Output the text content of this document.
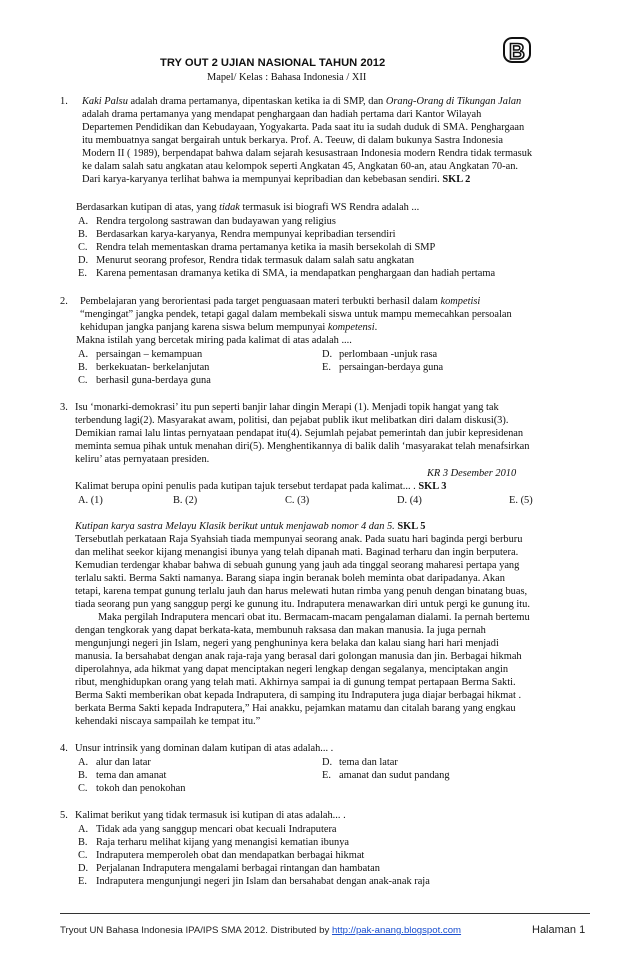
TRY OUT 2 UJIAN NASIONAL TAHUN 2012
Mapel/ Kelas : Bahasa Indonesia / XII
B
1. Kaki Palsu adalah drama pertamanya, dipentaskan ketika ia di SMP, dan Orang-Orang di Tikungan Jalan
adalah drama pertamanya yang mendapat penghargaan dan hadiah pertama dari Kantor Wilayah
Departemen Pendidikan dan Kebudayaan, Yogyakarta. Pada saat itu ia sudah duduk di SMA. Penghargaan
itu membuatnya sangat bergairah untuk berkarya. Prof. A. Teeuw, di dalam bukunya Sastra Indonesia
Modern II ( 1989), berpendapat bahwa dalam sejarah kesusastraan Indonesia modern Rendra tidak termasuk
ke dalam salah satu angkatan atau kelompok seperti Angkatan 45, Angkatan 60-an, atau Angkatan 70-an.
Dari karya-karyanya terlihat bahwa ia mempunyai kepribadian dan kebebasan sendiri. SKL 2
Berdasarkan kutipan di atas, yang tidak termasuk isi biografi WS Rendra adalah ...
A. Rendra tergolong sastrawan dan budayawan yang religius
B. Berdasarkan karya-karyanya, Rendra mempunyai kepribadian tersendiri
C. Rendra telah mementaskan drama pertamanya ketika ia masih bersekolah di SMP
D. Menurut seorang profesor, Rendra tidak termasuk dalam salah satu angkatan
E. Karena pementasan dramanya ketika di SMA, ia mendapatkan penghargaan dan hadiah pertama
2. Pembelajaran yang berorientasi pada target penguasaan materi terbukti berhasil dalam kompetisi
“mengingat” jangka pendek, tetapi gagal dalam membekali siswa untuk mampu memecahkan persoalan
kehidupan jangka panjang karena siswa belum mempunyai kompetensi.
Makna istilah yang bercetak miring pada kalimat di atas adalah ....
A. persaingan – kemampuan
B. berkekuatan- berkelanjutan
C. berhasil guna-berdaya guna
D. perlombaan -unjuk rasa
E. persaingan-berdaya guna
3. Isu ‘monarki-demokrasi’ itu pun seperti banjir lahar dingin Merapi (1). Menjadi topik hangat yang tak
terbendung lagi(2). Masyarakat awam, politisi, dan pejabat publik ikut melibatkan diri dalam diskusi(3).
Demikian ramai lalu lintas pernyataan pendapat itu(4). Sejumlah pejabat pemerintah dan jubir kepresidenan
meminta semua pihak untuk menahan diri(5). Menghentikannya di balik dalih ‘masyarakat telah menafsirkan
keliru’ atas pernyataan presiden.
KR 3 Desember 2010
Kalimat berupa opini penulis pada kutipan tajuk tersebut terdapat pada kalimat... . SKL 3
A. (1)	B. (2)	C. (3)	D. (4)	E. (5)
Kutipan karya sastra Melayu Klasik berikut untuk menjawab nomor 4 dan 5. SKL 5
Tersebutlah perkataan Raja Syahsiah tiada mempunyai seorang anak. Pada suatu hari baginda pergi berburu
dan melihat seekor kijang menangisi ibunya yang telah dipanah mati. Baginad terharu dan ingin berputera.
Kemudian terdengar khabar bahwa di sebuah gunung yang jauh ada tinggal seorang maharesi pertapa yang
terlalu sakti. Berma Sakti namanya. Barang siapa ingin beranak boleh meminta obat daripadanya. Akan
tetapi, karena tempat gunung terlalu jauh dan harus melewati hutan rimba yang penuh dengan binatang buas,
tiada seorang pun yang sanggup pergi ke gunung itu. Indraputera menawarkan diri untuk pergi ke gunung itu.
Maka pergilah Indraputera mencari obat itu. Bermacam-macam pengalaman dialami. Ia pernah bertemu
dengan tengkorak yang dapat berkata-kata, membunuh raksasa dan makan manusia. Ia juga pernah
mengunjungi negeri jin Islam, negeri yang penghuninya kera belaka dan kalau siang hari hari menjadi
manusia. Ia bersahabat dengan anak raja-raja yang berasal dari golongan manusia dan jin. Berbagai hikmah
diperolahnya, ada hikmat yang dapat menciptakan negeri lengkap dengan segalanya, menciptakan angin
ribut, menghidupkan orang yang telah mati. Akhirnya sampai ia di gunung tempat pertapaan Berma Sakti.
Berma Sakti memberikan obat kepada Indraputera, di samping itu Indraputera juga diajar berbagai hikmat .
berkata Berma Sakti kepada Indraputera,” Hai anakku, pejamkan matamu dan citalah barang yang engkau
kehendaki niscaya sampailah ke tempat itu.”
4. Unsur intrinsik yang dominan dalam kutipan di atas adalah... .
A. alur dan latar
B. tema dan amanat
C. tokoh dan penokohan
D. tema dan latar
E. amanat dan sudut pandang
5. Kalimat berikut yang tidak termasuk isi kutipan di atas adalah... .
A. Tidak ada yang sanggup mencari obat kecuali Indraputera
B. Raja terharu melihat kijang yang menangisi kematian ibunya
C. Indraputera memperoleh obat dan mendapatkan berbagai hikmat
D. Perjalanan Indraputera mengalami berbagai rintangan dan hambatan
E. Indraputera mengunjungi negeri jin Islam dan bersahabat dengan anak-anak raja
Tryout UN Bahasa Indonesia IPA/IPS SMA 2012. Distributed by http://pak-anang.blogspot.com	Halaman 1
